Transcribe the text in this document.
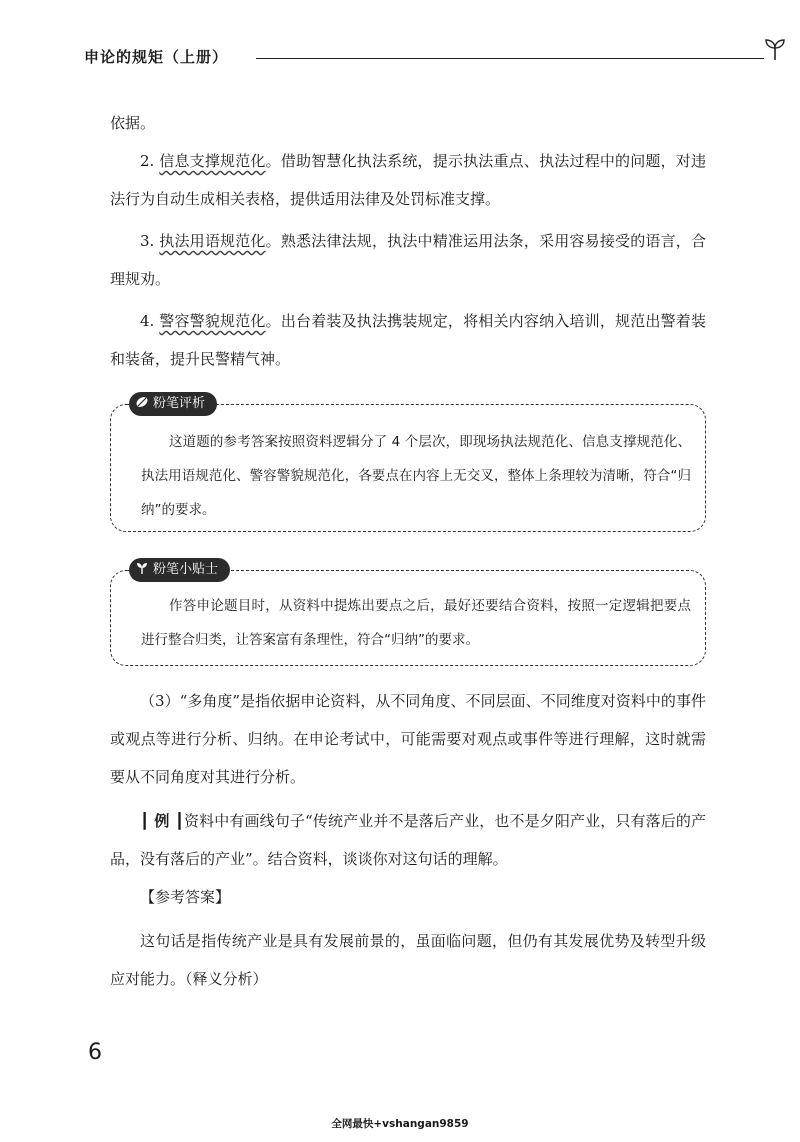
申论的规矩（上册）

依据。

2. 信息支撑规范化。借助智慧化执法系统，提示执法重点、执法过程中的问题，对违法行为自动生成相关表格，提供适用法律及处罚标准支撑。

3. 执法用语规范化。熟悉法律法规，执法中精准运用法条，采用容易接受的语言，合理规劝。

4. 警容警貌规范化。出台着装及执法携装规定，将相关内容纳入培训，规范出警着装和装备，提升民警精气神。

粉笔评析

这道题的参考答案按照资料逻辑分了 4 个层次，即现场执法规范化、信息支撑规范化、执法用语规范化、警容警貌规范化，各要点在内容上无交叉，整体上条理较为清晰，符合“归纳”的要求。

粉笔小贴士

作答申论题目时，从资料中提炼出要点之后，最好还要结合资料，按照一定逻辑把要点进行整合归类，让答案富有条理性，符合“归纳”的要求。

（3）“多角度”是指依据申论资料，从不同角度、不同层面、不同维度对资料中的事件或观点等进行分析、归纳。在申论考试中，可能需要对观点或事件等进行理解，这时就需要从不同角度对其进行分析。

┃ 例 ┃资料中有画线句子“传统产业并不是落后产业，也不是夕阳产业，只有落后的产品，没有落后的产业”。结合资料，谈谈你对这句话的理解。

【参考答案】

这句话是指传统产业是具有发展前景的，虽面临问题，但仍有其发展优势及转型升级应对能力。（释义分析）

6
全网最快+vshangan9859
